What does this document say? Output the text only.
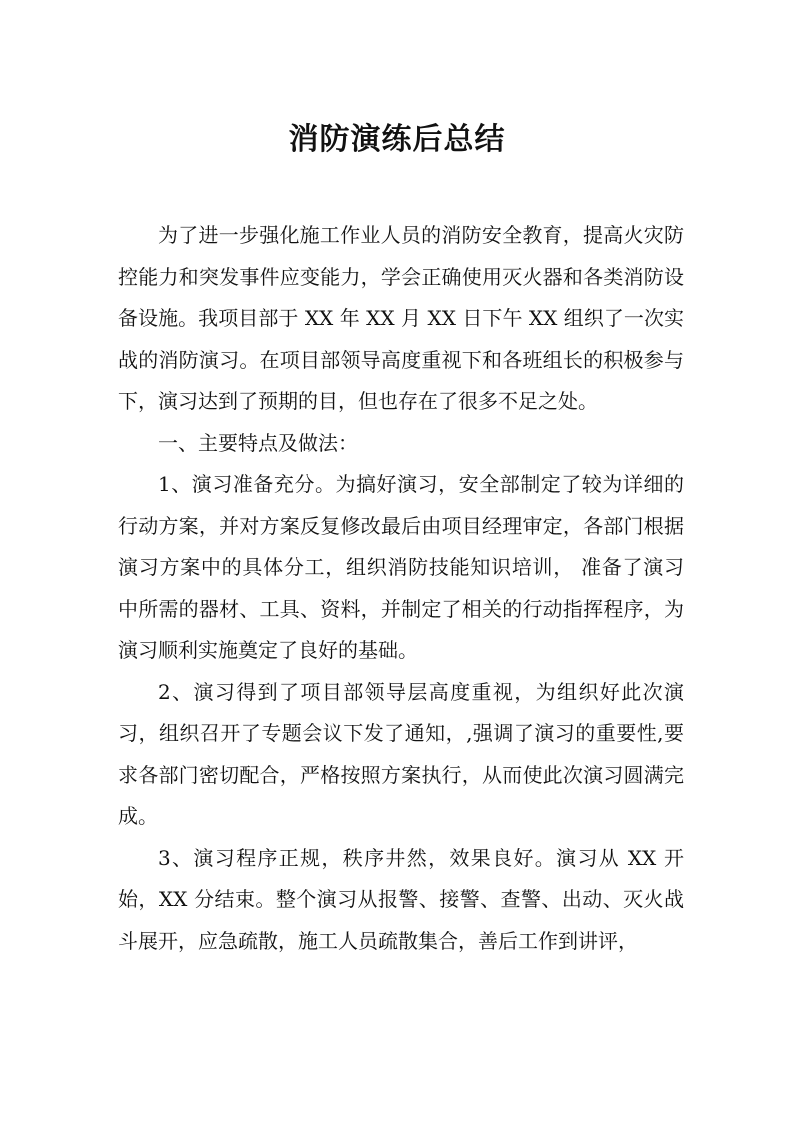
消防演练后总结

为了进一步强化施工作业人员的消防安全教育，提高火灾防控能力和突发事件应变能力，学会正确使用灭火器和各类消防设备设施。我项目部于 XX 年 XX 月 XX 日下午 XX 组织了一次实战的消防演习。在项目部领导高度重视下和各班组长的积极参与下，演习达到了预期的目，但也存在了很多不足之处。

一、主要特点及做法：

1、演习准备充分。为搞好演习，安全部制定了较为详细的行动方案，并对方案反复修改最后由项目经理审定，各部门根据演习方案中的具体分工，组织消防技能知识培训， 准备了演习中所需的器材、工具、资料，并制定了相关的行动指挥程序，为演习顺利实施奠定了良好的基础。

2、演习得到了项目部领导层高度重视，为组织好此次演习，组织召开了专题会议下发了通知，,强调了演习的重要性,要求各部门密切配合，严格按照方案执行，从而使此次演习圆满完成。

3、演习程序正规，秩序井然，效果良好。演习从 XX 开始，XX 分结束。整个演习从报警、接警、查警、出动、灭火战斗展开，应急疏散，施工人员疏散集合，善后工作到讲评，
